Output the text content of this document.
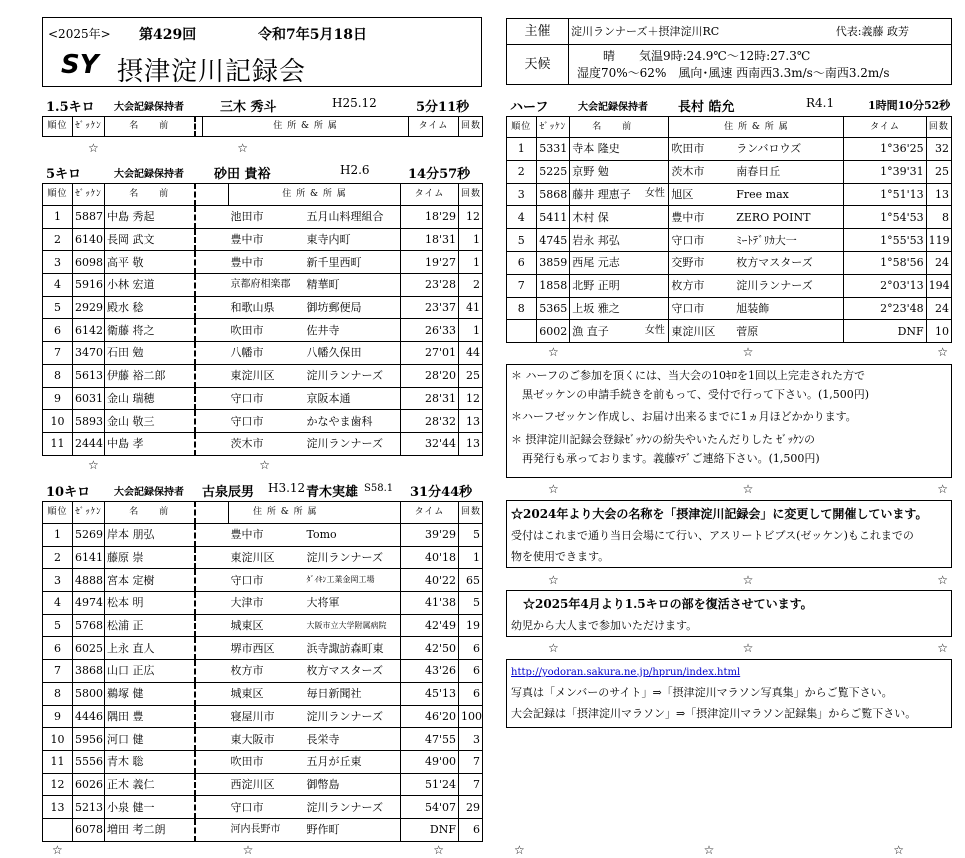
<2025年> 第429回	令和7年5月18日
SY 摂津淀川記録会
主催	淀川ランナーズ＋摂津淀川RC 代表:義藤 政芳

天候	晴　　気温9時:24.9℃〜12時:27.3℃
湿度70%〜62%　風向･風速 西南西3.3m/s〜南西3.2m/s
1.5キロ 大会記録保持者	三木 秀斗	H25.12	5分11秒
順位	ｾﾞｯｹﾝ	名　　前		住 所 & 所 属	タイム	回数
☆	☆
5キロ	大会記録保持者 砂田 貴裕	H2.6	14分57秒
順位	ｾﾞｯｹﾝ	名　　前		住 所 & 所 属		タイム	回数
1	5887	中島 秀起		池田市	五月山料理組合	18'29	12
2	6140	長岡 武文		豊中市	東寺内町	18'31	1
3	6098	高平 敬		豊中市	新千里西町	19'27	1
4	5916	小林 宏道		京都府相楽郡	精華町	23'28	2
5	2929	殿水 稔		和歌山県	御坊郵便局	23'37	41
6	6142	衛藤 将之		吹田市	佐井寺	26'33	1
7	3470	石田 勉		八幡市	八幡久保田	27'01	44
8	5613	伊藤 裕二郎		東淀川区	淀川ランナーズ	28'20	25
9	6031	金山 瑞穂		守口市	京阪本通	28'31	12
10	5893	金山 敬三		守口市	かなやま歯科	28'32	13
11	2444	中島 孝		茨木市	淀川ランナーズ	32'44	13
☆	☆
10キロ 大会記録保持者 古泉辰男 H3.12 青木実雄 S58.1 31分44秒
順位	ｾﾞｯｹﾝ	名　　前		住 所 & 所 属		タイム	回数
1	5269	岸本 朋弘		豊中市	Tomo	39'29	5
2	6141	藤原 崇		東淀川区	淀川ランナーズ	40'18	1
3	4888	宮本 定樹		守口市	ﾀﾞｲｷﾝ工業金岡工場	40'22	65
4	4974	松本 明		大津市	大将軍	41'38	5
5	5768	松浦 正		城東区	大阪市立大学附属病院	42'49	19
6	6025	上永 直人		堺市西区	浜寺諏訪森町東	42'50	6
7	3868	山口 正広		枚方市	枚方マスターズ	43'26	6
8	5800	鵜塚 健		城東区	毎日新聞社	45'13	6
9	4446	隅田 豊		寝屋川市	淀川ランナーズ	46'20	100
10	5956	河口 健		東大阪市	長栄寺	47'55	3
11	5556	青木 聡		吹田市	五月が丘東	49'00	7
12	6026	正木 義仁		西淀川区	御幣島	51'24	7
13	5213	小泉 健一		守口市	淀川ランナーズ	54'07	29
	6078	増田 考二朗		河内長野市	野作町	DNF	6
☆	☆	☆
ハーフ	大会記録保持者 長村 皓允	R4.1	1時間10分52秒
順位	ｾﾞｯｹﾝ	名　　前		住 所 & 所 属		タイム	回数
1	5331	寺本 隆史		吹田市	ランバロウズ	1°36'25	32
2	5225	京野 勉		茨木市	南春日丘	1°39'31	25
3	5868	藤井 理恵子	女性	旭区	Free max	1°51'13	13
4	5411	木村 保		豊中市	ZERO POINT	1°54'53	8
5	4745	岩永 邦弘		守口市	ﾐｰﾄﾃﾞﾘｶ大一	1°55'53	119
6	3859	西尾 元志		交野市	枚方マスターズ	1°58'56	24
7	1858	北野 正明		枚方市	淀川ランナーズ	2°03'13	194
8	5365	上坂 雅之		守口市	旭装飾	2°23'48	24
	6002	漁 直子	女性	東淀川区	菅原	DNF	10
☆	☆	☆

＊ ハーフのご参加を頂くには、当大会の10ｷﾛを1回以上完走された方で

　黒ゼッケンの申請手続きを前もって、受付で行って下さい。(1,500円)

＊ハーフゼッケン作成し、お届け出来るまでに1ヵ月ほどかかります。

＊ 摂津淀川記録会登録ｾﾞｯｹﾝの紛失やいたんだりした ｾﾞｯｹﾝの

　再発行も承っております。義藤ﾏﾃﾞご連絡下さい。(1,500円)

☆	☆	☆

☆2024年より大会の名称を「摂津淀川記録会」に変更して開催しています。

受付はこれまで通り当日会場にて行い、アスリートビブス(ゼッケン)もこれまでの

物を使用できます。

☆	☆	☆

☆2025年4月より1.5キロの部を復活させています。

幼児から大人まで参加いただけます。

☆	☆	☆

http://yodoran.sakura.ne.jp/hprun/index.html

写真は「メンバーのサイト」⇒「摂津淀川マラソン写真集」からご覧下さい。

大会記録は「摂津淀川マラソン」⇒「摂津淀川マラソン記録集」からご覧下さい。

☆	☆	☆
